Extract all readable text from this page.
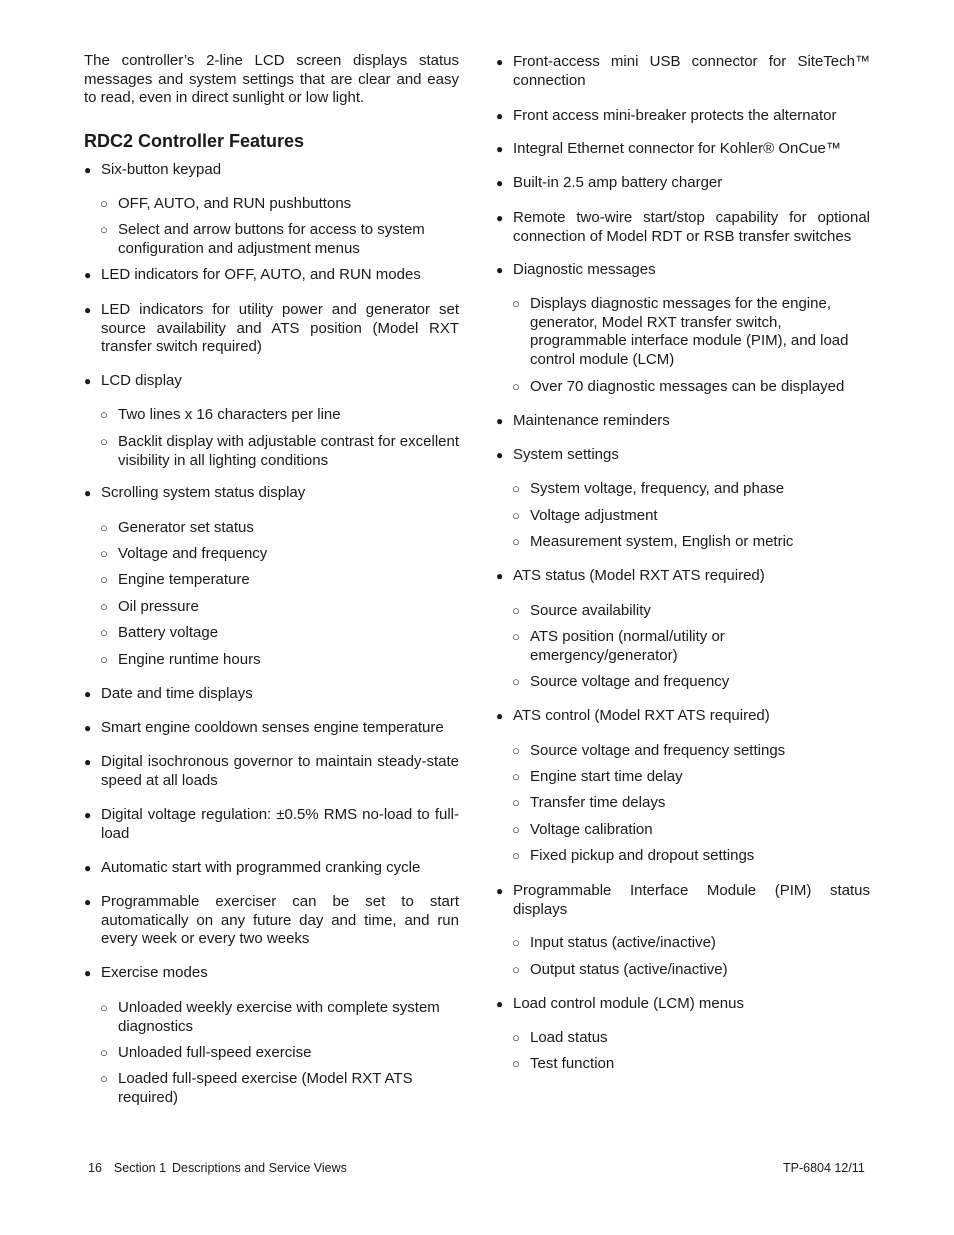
The controller’s 2-line LCD screen displays status messages and system settings that are clear and easy to read, even in direct sunlight or low light.
RDC2 Controller Features
● Six-button keypad
○ OFF, AUTO, and RUN pushbuttons
○ Select and arrow buttons for access to system configuration and adjustment menus
● LED indicators for OFF, AUTO, and RUN modes
● LED indicators for utility power and generator set source availability and ATS position (Model RXT transfer switch required)
● LCD display
○ Two lines x 16 characters per line
○ Backlit display with adjustable contrast for excellent visibility in all lighting conditions
● Scrolling system status display
○ Generator set status
○ Voltage and frequency
○ Engine temperature
○ Oil pressure
○ Battery voltage
○ Engine runtime hours
● Date and time displays
● Smart engine cooldown senses engine temperature
● Digital isochronous governor to maintain steady-state speed at all loads
● Digital voltage regulation: ±0.5% RMS no-load to full-load
● Automatic start with programmed cranking cycle
● Programmable exerciser can be set to start automatically on any future day and time, and run every week or every two weeks
● Exercise modes
○ Unloaded weekly exercise with complete system diagnostics
○ Unloaded full-speed exercise
○ Loaded full-speed exercise (Model RXT ATS required)
● Front-access mini USB connector for SiteTech™ connection
● Front access mini-breaker protects the alternator
● Integral Ethernet connector for Kohler® OnCue™
● Built-in 2.5 amp battery charger
● Remote two-wire start/stop capability for optional connection of Model RDT or RSB transfer switches
● Diagnostic messages
○ Displays diagnostic messages for the engine, generator, Model RXT transfer switch, programmable interface module (PIM), and load control module (LCM)
○ Over 70 diagnostic messages can be displayed
● Maintenance reminders
● System settings
○ System voltage, frequency, and phase
○ Voltage adjustment
○ Measurement system, English or metric
● ATS status (Model RXT ATS required)
○ Source availability
○ ATS position (normal/utility or emergency/generator)
○ Source voltage and frequency
● ATS control (Model RXT ATS required)
○ Source voltage and frequency settings
○ Engine start time delay
○ Transfer time delays
○ Voltage calibration
○ Fixed pickup and dropout settings
● Programmable Interface Module (PIM) status displays
○ Input status (active/inactive)
○ Output status (active/inactive)
● Load control module (LCM) menus
○ Load status
○ Test function
16 Section 1 Descriptions and Service Views	TP-6804 12/11
